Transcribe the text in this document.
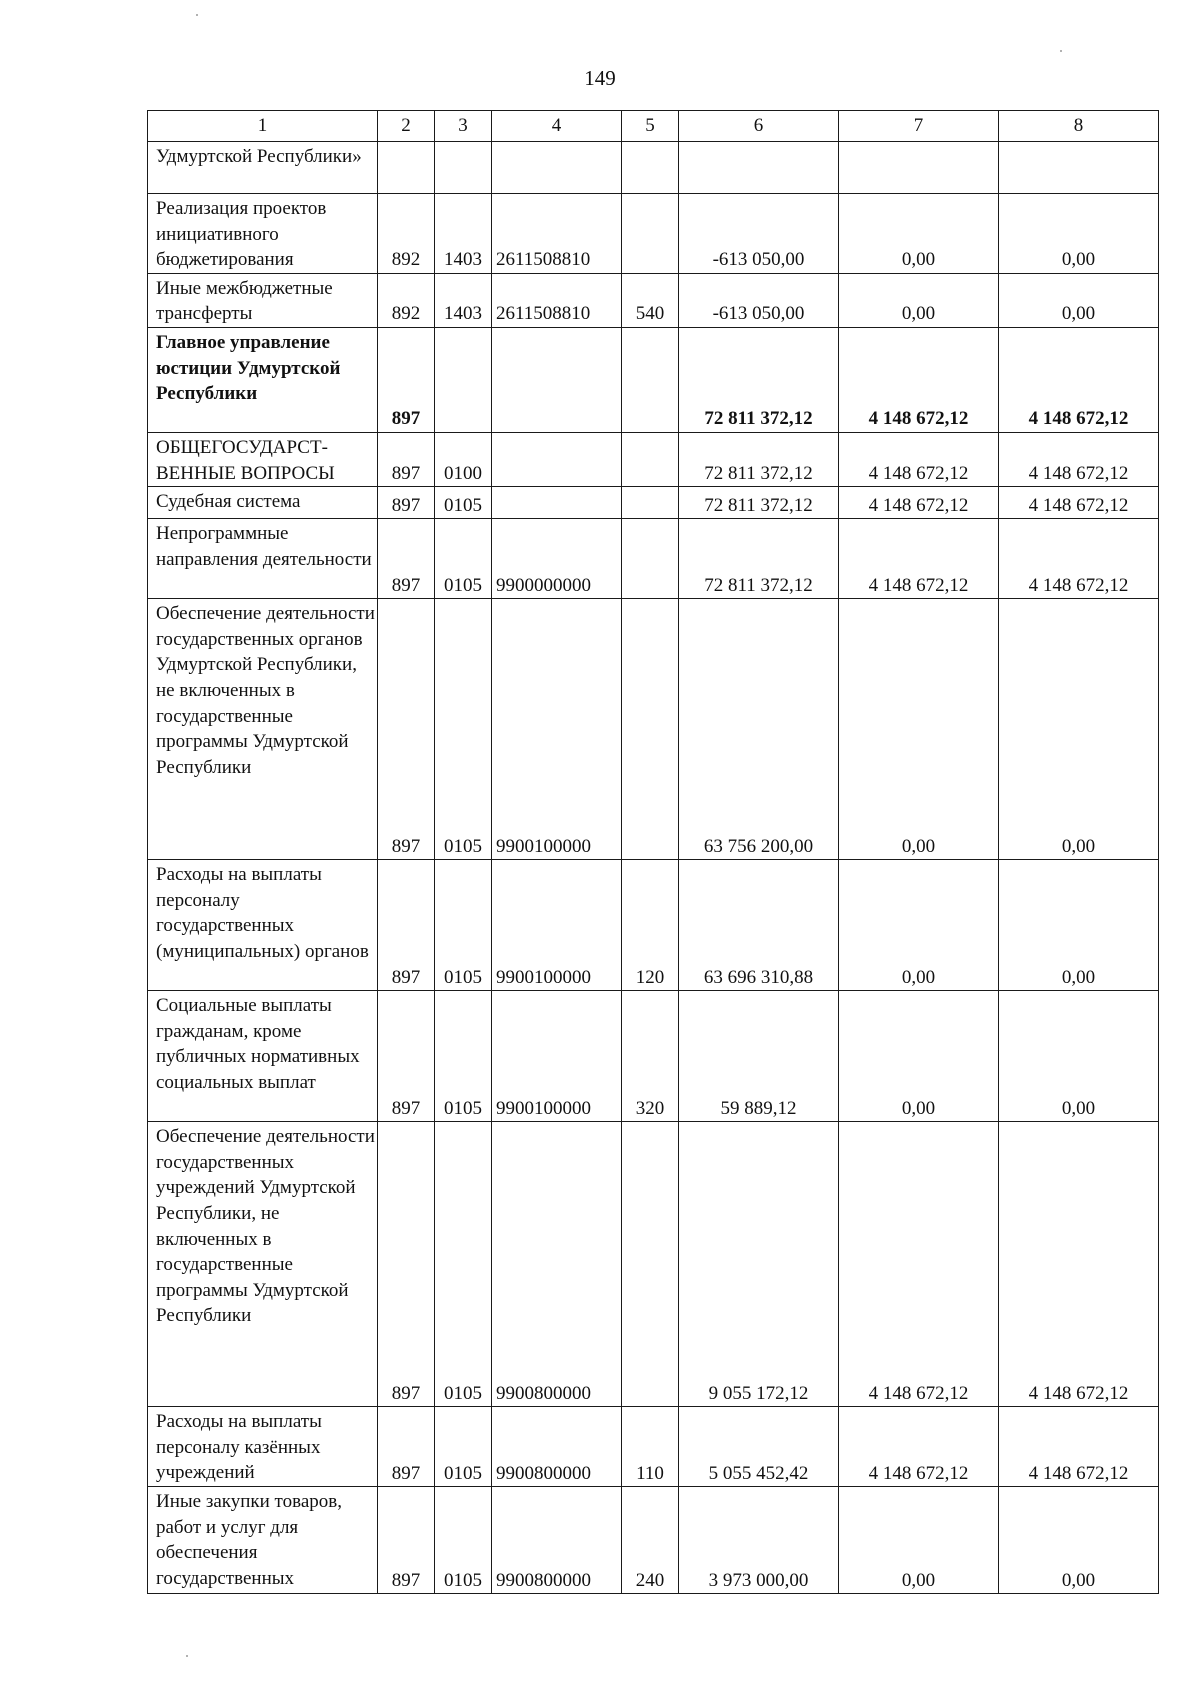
149
1	2	3	4	5	6	7	8
Удмуртской Республики»							
Реализация проектов инициативного бюджетирования	892	1403	2611508810		-613 050,00	0,00	0,00
Иные межбюджетные трансферты	892	1403	2611508810	540	-613 050,00	0,00	0,00
Главное управление юстиции Удмуртской Республики	897				72 811 372,12	4 148 672,12	4 148 672,12
ОБЩЕГОСУДАРСТ-ВЕННЫЕ ВОПРОСЫ	897	0100			72 811 372,12	4 148 672,12	4 148 672,12
Судебная система	897	0105			72 811 372,12	4 148 672,12	4 148 672,12
Непрограммные направления деятельности	897	0105	9900000000		72 811 372,12	4 148 672,12	4 148 672,12
Обеспечение деятельности государственных органов Удмуртской Республики, не включенных в государственные программы Удмуртской Республики	897	0105	9900100000		63 756 200,00	0,00	0,00
Расходы на выплаты персоналу государственных (муниципальных) органов	897	0105	9900100000	120	63 696 310,88	0,00	0,00
Социальные выплаты гражданам, кроме публичных нормативных социальных выплат	897	0105	9900100000	320	59 889,12	0,00	0,00
Обеспечение деятельности государственных учреждений Удмуртской Республики, не включенных в государственные программы Удмуртской Республики	897	0105	9900800000		9 055 172,12	4 148 672,12	4 148 672,12
Расходы на выплаты персоналу казённых учреждений	897	0105	9900800000	110	5 055 452,42	4 148 672,12	4 148 672,12
Иные закупки товаров, работ и услуг для обеспечения государственных	897	0105	9900800000	240	3 973 000,00	0,00	0,00
